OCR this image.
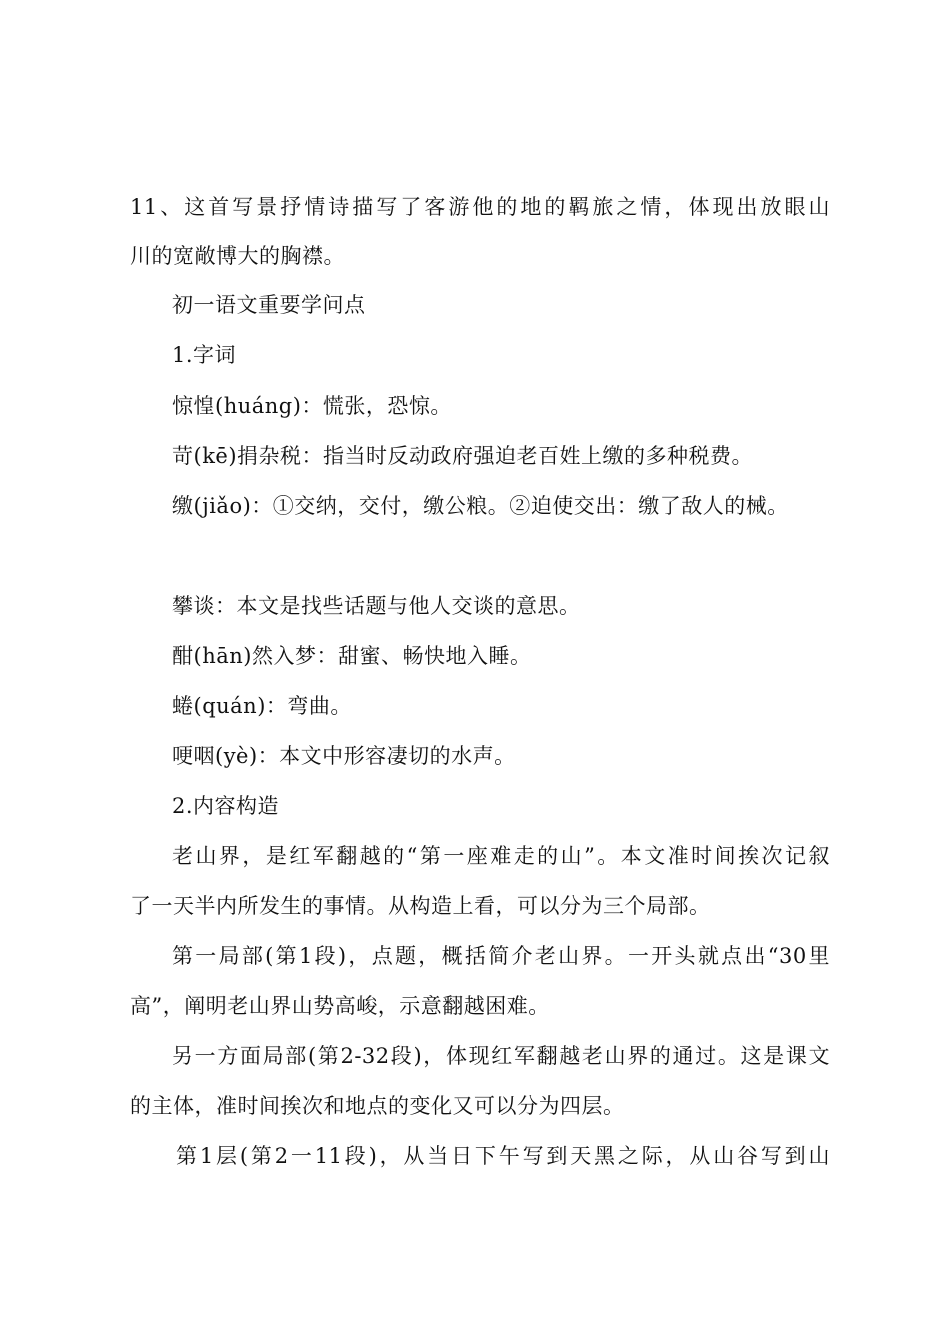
11、这首写景抒情诗描写了客游他的地的羁旅之情，体现出放眼山
川的宽敞博大的胸襟。
初一语文重要学问点
1.字词
惊惶(huáng)：慌张，恐惊。
苛(kē)捐杂税：指当时反动政府强迫老百姓上缴的多种税费。
缴(jiǎo)：①交纳，交付，缴公粮。②迫使交出：缴了敌人的械。
攀谈：本文是找些话题与他人交谈的意思。
酣(hān)然入梦：甜蜜、畅快地入睡。
蜷(quán)：弯曲。
哽咽(yè)：本文中形容凄切的水声。
2.内容构造
老山界，是红军翻越的“第一座难走的山”。本文准时间挨次记叙
了一天半内所发生的事情。从构造上看，可以分为三个局部。
第一局部(第1段)，点题，概括简介老山界。一开头就点出“30里
高”，阐明老山界山势高峻，示意翻越困难。
另一方面局部(第2-32段)，体现红军翻越老山界的通过。这是课文
的主体，准时间挨次和地点的变化又可以分为四层。
第1层(第2一11段)，从当日下午写到天黑之际，从山谷写到山
